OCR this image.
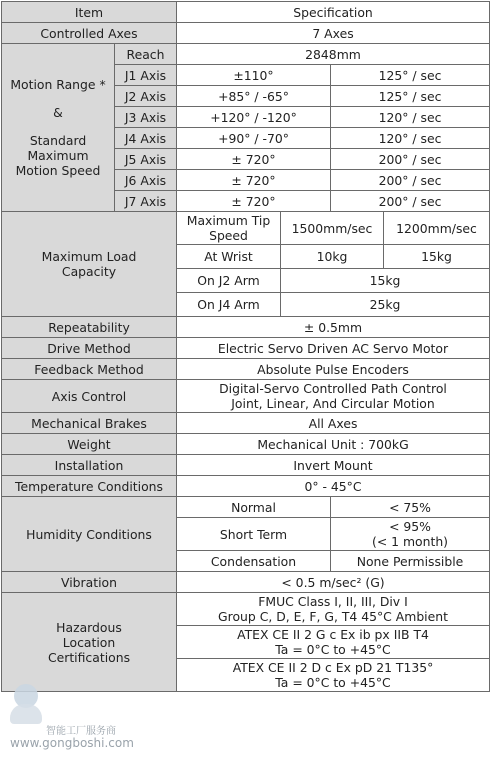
Item		Specification			
Controlled Axes		7 Axes			

Motion Range *
&
Standard Maximum Motion Speed	Reach	2848mm			
	J1 Axis	±110°		125° / sec	
	J2 Axis	+85° / -65°		125° / sec	
	J3 Axis	+120° / -120°		120° / sec	
	J4 Axis	+90° / -70°		120° / sec	
	J5 Axis	± 720°		200° / sec	
	J6 Axis	± 720°		200° / sec	
	J7 Axis	± 720°		200° / sec	
Maximum Load Capacity		Maximum Tip Speed	1500mm/sec		1200mm/sec
		At Wrist	10kg		15kg
		On J2 Arm	15kg		
		On J4 Arm	25kg		
Repeatability		± 0.5mm			
Drive Method		Electric Servo Driven AC Servo Motor			
Feedback Method		Absolute Pulse Encoders			
Axis Control		Digital-Servo Controlled Path Control
Joint, Linear, And Circular Motion			

Mechanical Brakes		All Axes			
Weight		Mechanical Unit : 700kG			
Installation		Invert Mount			
Temperature Conditions		0° - 45°C			
Humidity Conditions		Normal		< 75%	
		Short Term		< 95%
(< 1 month)	

		Condensation		None Permissible	
Vibration		< 0.5 m/sec² (G)			
Hazardous Location Certifications		FMUC Class I, II, III, Div I
Group C, D, E, F, G, T4 45°C Ambient			

		ATEX CE II 2 G c Ex ib px IIB T4
Ta = 0°C to +45°C			

		ATEX CE II 2 D c Ex pD 21 T135°
Ta = 0°C to +45°C			
智能工厂服务商
www.gongboshi.com
